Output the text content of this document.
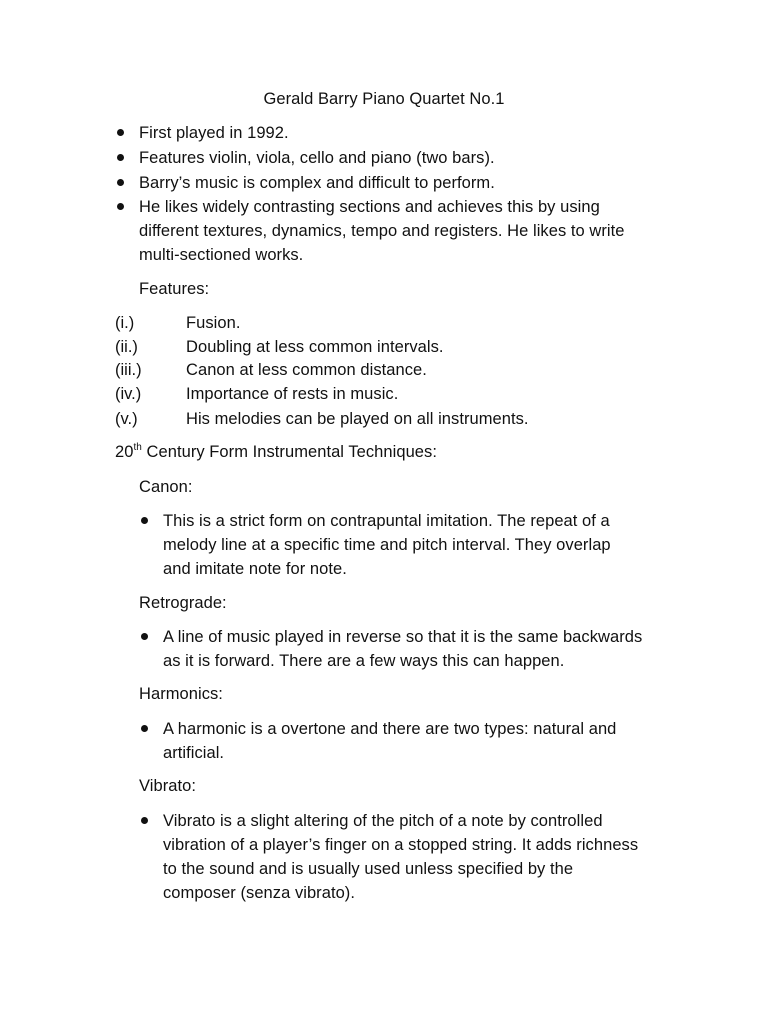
Gerald Barry Piano Quartet No.1
First played in 1992.
Features violin, viola, cello and piano (two bars).
Barry’s music is complex and difficult to perform.
He likes widely contrasting sections and achieves this by using
different textures, dynamics, tempo and registers. He likes to write
multi-sectioned works.
Features:
(i.)	Fusion.
(ii.)	Doubling at less common intervals.
(iii.)	Canon at less common distance.
(iv.)	Importance of rests in music.
(v.)	His melodies can be played on all instruments.
20th Century Form Instrumental Techniques:
Canon:
This is a strict form on contrapuntal imitation. The repeat of a
melody line at a specific time and pitch interval. They overlap
and imitate note for note.
Retrograde:
A line of music played in reverse so that it is the same backwards
as it is forward. There are a few ways this can happen.
Harmonics:
A harmonic is a overtone and there are two types: natural and
artificial.
Vibrato:
Vibrato is a slight altering of the pitch of a note by controlled
vibration of a player’s finger on a stopped string. It adds richness
to the sound and is usually used unless specified by the
composer (senza vibrato).
